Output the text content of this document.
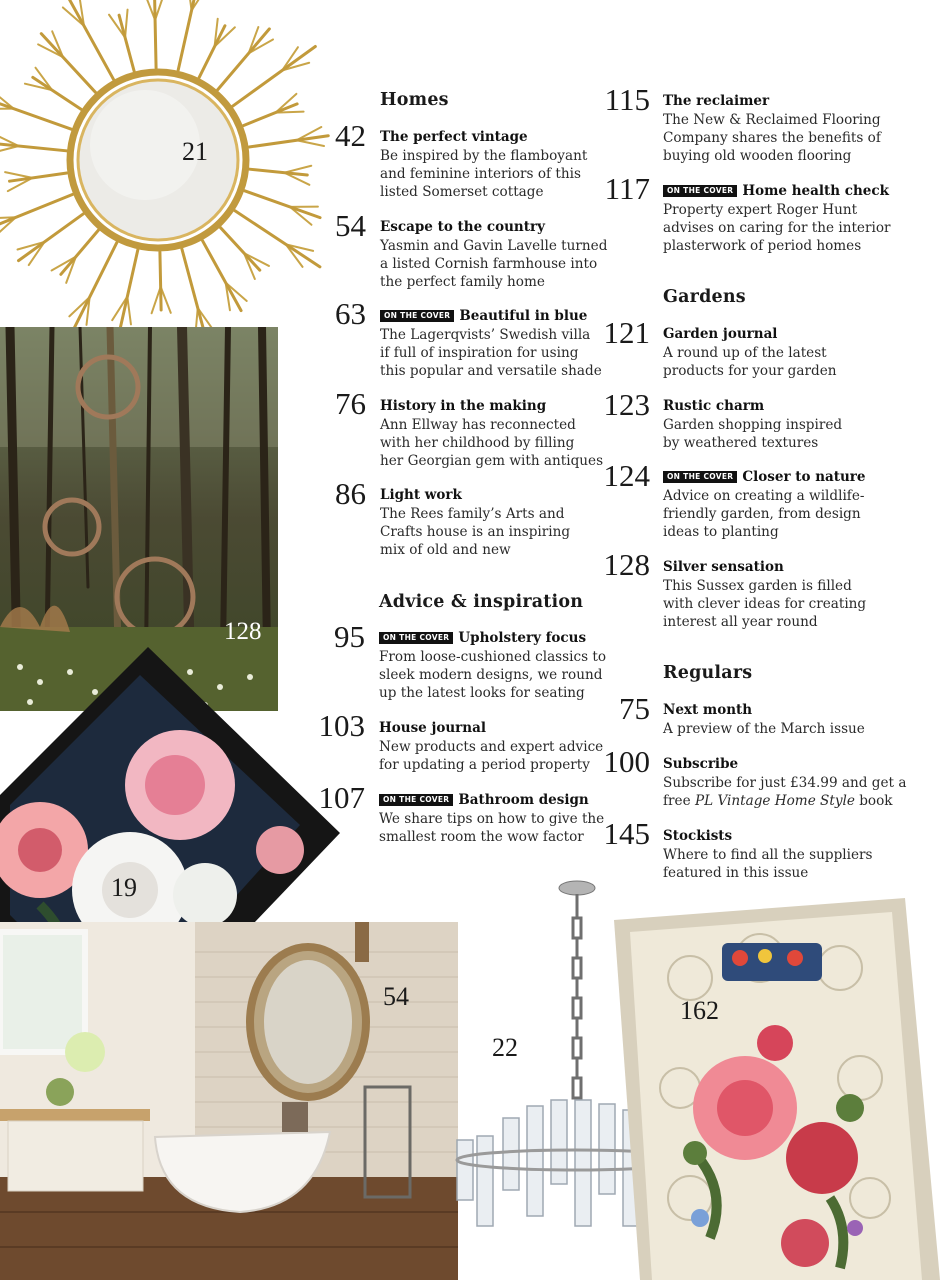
21
128
19
54
22
162
Homes
42 The perfect vintage
Be inspired by the flamboyant
and feminine interiors of this
listed Somerset cottage
54 Escape to the country
Yasmin and Gavin Lavelle turned
a listed Cornish farmhouse into
the perfect family home
63	ON THE COVER Beautiful in blue
The Lagerqvists’ Swedish villa
if full of inspiration for using
this popular and versatile shade
76 History in the making
Ann Ellway has reconnected
with her childhood by filling
her Georgian gem with antiques
86 Light work
The Rees family’s Arts and
Crafts house is an inspiring
mix of old and new
Advice & inspiration
95	ON THE COVER Upholstery focus
From loose-cushioned classics to
sleek modern designs, we round
up the latest looks for seating
103 House journal
New products and expert advice
for updating a period property
107	ON THE COVER Bathroom design
We share tips on how to give the
smallest room the wow factor
115 The reclaimer
The New & Reclaimed Flooring
Company shares the benefits of
buying old wooden flooring
117	ON THE COVER Home health check
Property expert Roger Hunt
advises on caring for the interior
plasterwork of period homes
Gardens
121 Garden journal
A round up of the latest
products for your garden
123 Rustic charm
Garden shopping inspired
by weathered textures
124	ON THE COVER Closer to nature
Advice on creating a wildlife-
friendly garden, from design
ideas to planting
128 Silver sensation
This Sussex garden is filled
with clever ideas for creating
interest all year round
Regulars
75 Next month
A preview of the March issue
100 Subscribe
Subscribe for just £34.99 and get a
free PL Vintage Home Style book
145 Stockists
Where to find all the suppliers
featured in this issue
